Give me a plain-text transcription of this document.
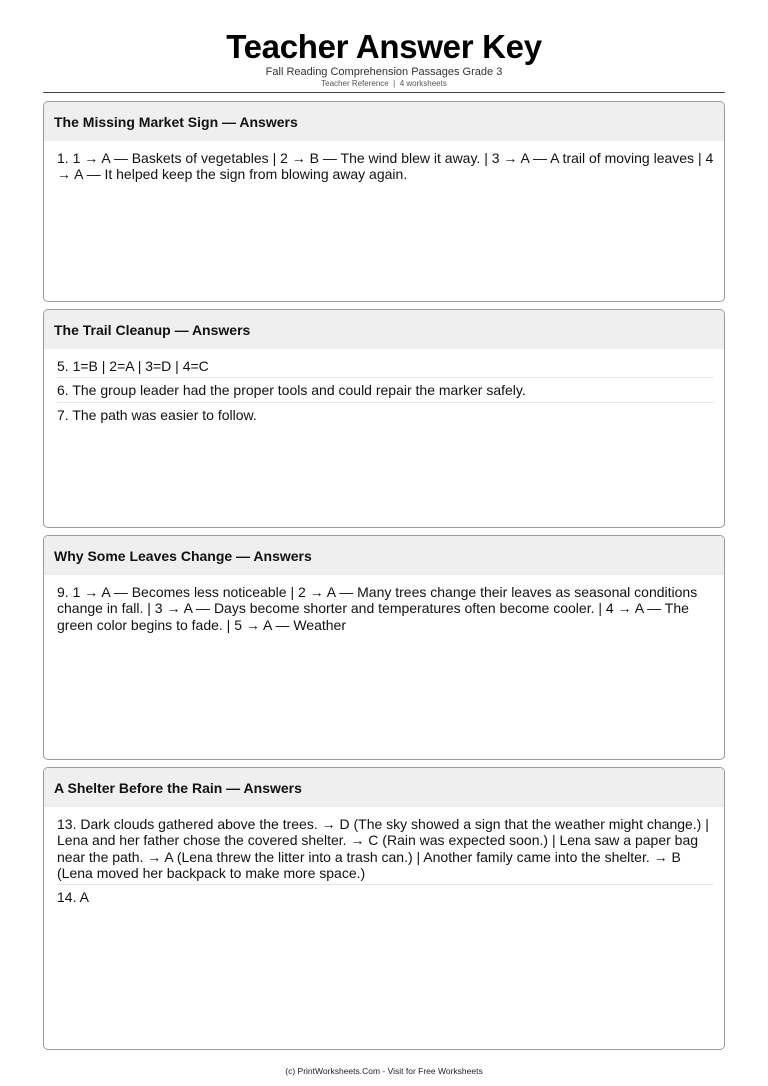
Teacher Answer Key
Fall Reading Comprehension Passages Grade 3
Teacher Reference  |  4 worksheets
The Missing Market Sign — Answers
1. 1 → A — Baskets of vegetables | 2 → B — The wind blew it away. | 3 → A — A trail of moving leaves | 4 → A — It helped keep the sign from blowing away again.
The Trail Cleanup — Answers
5. 1=B | 2=A | 3=D | 4=C
6. The group leader had the proper tools and could repair the marker safely.
7. The path was easier to follow.
Why Some Leaves Change — Answers
9. 1 → A — Becomes less noticeable | 2 → A — Many trees change their leaves as seasonal conditions change in fall. | 3 → A — Days become shorter and temperatures often become cooler. | 4 → A — The green color begins to fade. | 5 → A — Weather
A Shelter Before the Rain — Answers
13. Dark clouds gathered above the trees. → D (The sky showed a sign that the weather might change.) | Lena and her father chose the covered shelter. → C (Rain was expected soon.) | Lena saw a paper bag near the path. → A (Lena threw the litter into a trash can.) | Another family came into the shelter. → B (Lena moved her backpack to make more space.)
14. A
(c) PrintWorksheets.Com - Visit for Free Worksheets
